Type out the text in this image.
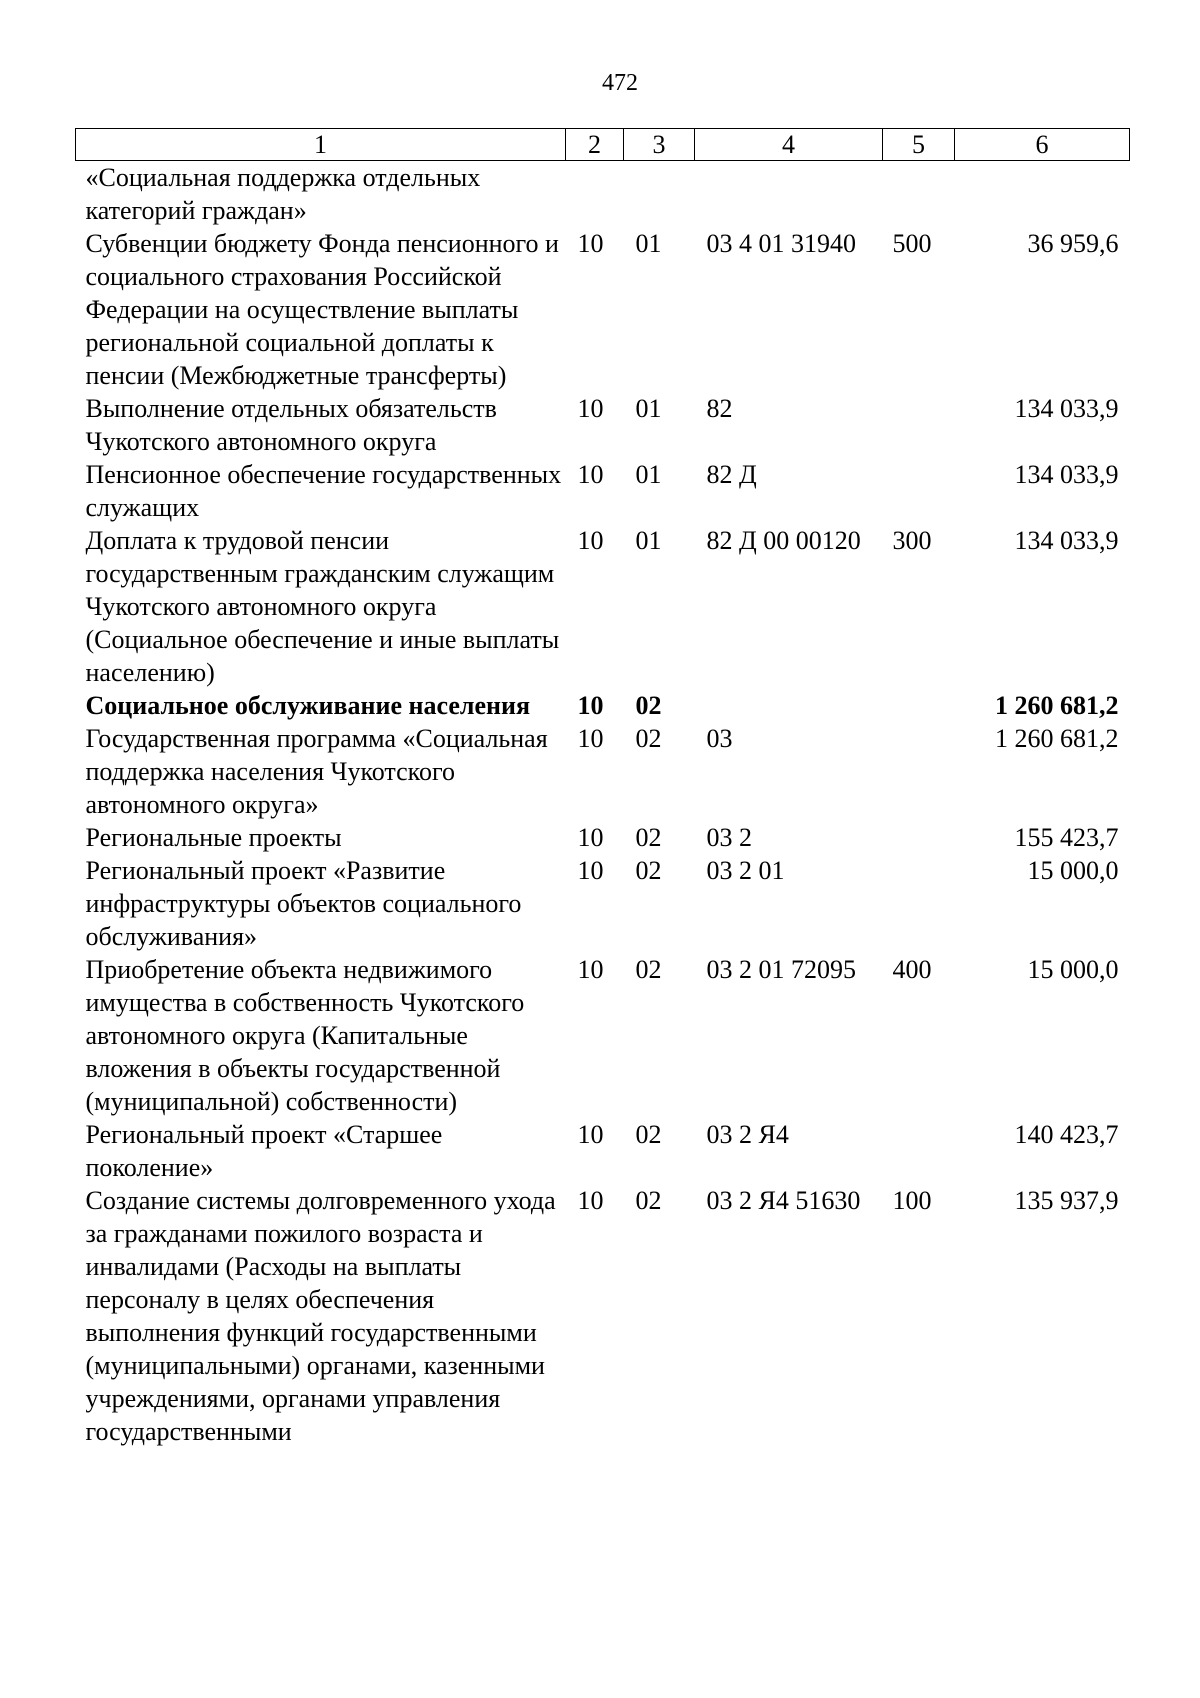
472
1	2	3	4	5	6
«Социальная поддержка отдельных категорий граждан»					
Субвенции бюджету Фонда пенсионного и социального страхования Российской Федерации на осуществление выплаты региональной социальной доплаты к пенсии (Межбюджетные трансферты)	10	01	03 4 01 31940	500	36 959,6
Выполнение отдельных обязательств Чукотского автономного округа	10	01	82		134 033,9
Пенсионное обеспечение государственных служащих	10	01	82 Д		134 033,9
Доплата к трудовой пенсии государственным гражданским служащим Чукотского автономного округа (Социальное обеспечение и иные выплаты населению)	10	01	82 Д 00 00120	300	134 033,9
Социальное обслуживание населения	10	02			1 260 681,2
Государственная программа «Социальная поддержка населения Чукотского автономного округа»	10	02	03		1 260 681,2
Региональные проекты	10	02	03 2		155 423,7
Региональный проект «Развитие инфраструктуры объектов социального обслуживания»	10	02	03 2 01		15 000,0
Приобретение объекта недвижимого имущества в собственность Чукотского автономного округа (Капитальные вложения в объекты государственной (муниципальной) собственности)	10	02	03 2 01 72095	400	15 000,0
Региональный проект «Старшее поколение»	10	02	03 2 Я4		140 423,7
Создание системы долговременного ухода за гражданами пожилого возраста и инвалидами (Расходы на выплаты персоналу в целях обеспечения выполнения функций государственными (муниципальными) органами, казенными учреждениями, органами управления государственными	10	02	03 2 Я4 51630	100	135 937,9
